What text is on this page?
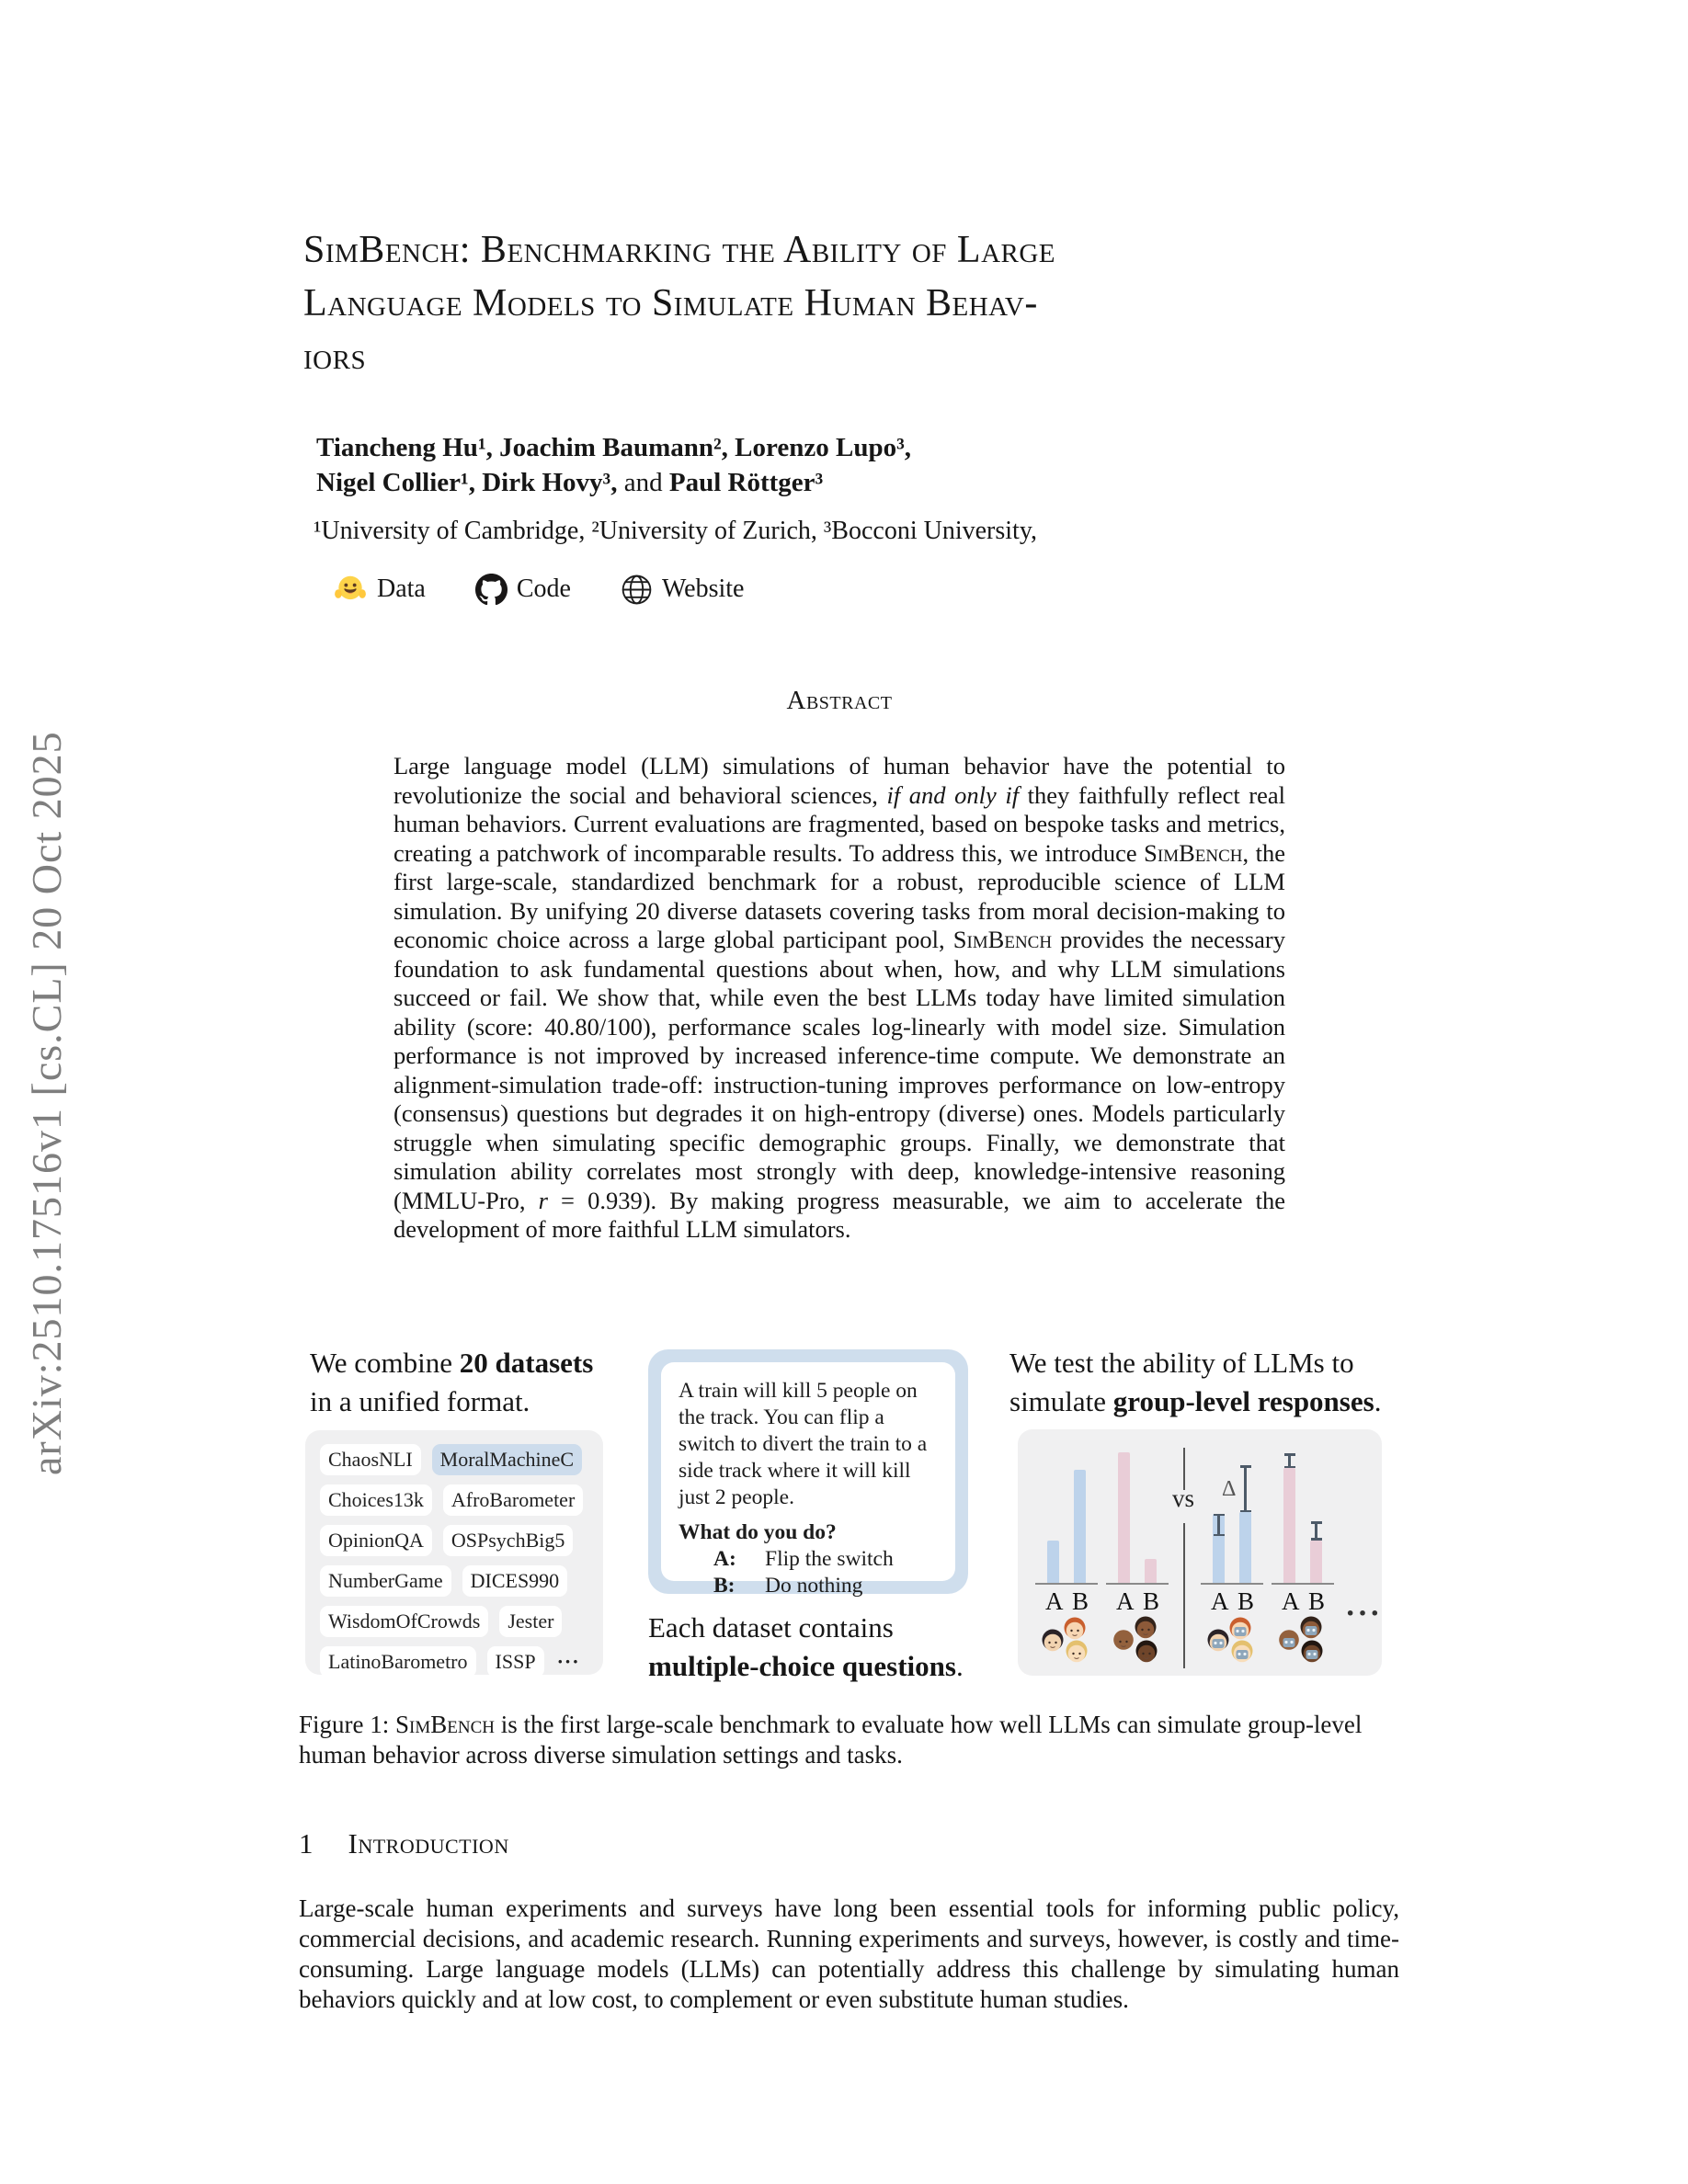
arXiv:2510.17516v1 [cs.CL] 20 Oct 2025
SimBench: Benchmarking the Ability of Large
Language Models to Simulate Human Behav-
iors
Tiancheng Hu¹, Joachim Baumann², Lorenzo Lupo³,
Nigel Collier¹, Dirk Hovy³, and Paul Röttger³
¹University of Cambridge, ²University of Zurich, ³Bocconi University,
Data	Code	Website
Abstract
Large language model (LLM) simulations of human behavior have the potential to revolutionize the social and behavioral sciences, if and only if they faithfully reflect real human behaviors. Current evaluations are fragmented, based on bespoke tasks and metrics, creating a patchwork of incomparable results. To address this, we introduce SimBench, the first large-scale, standardized benchmark for a robust, reproducible science of LLM simulation. By unifying 20 diverse datasets covering tasks from moral decision-making to economic choice across a large global participant pool, SimBench provides the necessary foundation to ask fundamental questions about when, how, and why LLM simulations succeed or fail. We show that, while even the best LLMs today have limited simulation ability (score: 40.80/100), performance scales log-linearly with model size. Simulation performance is not improved by increased inference-time compute. We demonstrate an alignment-simulation trade-off: instruction-tuning improves performance on low-entropy (consensus) questions but degrades it on high-entropy (diverse) ones. Models particularly struggle when simulating specific demographic groups. Finally, we demonstrate that simulation ability correlates most strongly with deep, knowledge-intensive reasoning (MMLU-Pro, r = 0.939). By making progress measurable, we aim to accelerate the development of more faithful LLM simulators.
We combine 20 datasets
in a unified format.
ChaosNLI	MoralMachineC
Choices13k	AfroBarometer
OpinionQA	OSPsychBig5
NumberGame	DICES990
WisdomOfCrowds	Jester
LatinoBarometro	ISSP	···
A train will kill 5 people on the track. You can flip a switch to divert the train to a side track where it will kill just 2 people.
What do you do?
A:	Flip the switch
B:	Do nothing
Each dataset contains
multiple-choice questions.
We test the ability of LLMs to
simulate group-level responses.
vs	Δ
···
A B A B A B A B
Figure 1: SimBench is the first large-scale benchmark to evaluate how well LLMs can simulate group-level human behavior across diverse simulation settings and tasks.
1 Introduction

Large-scale human experiments and surveys have long been essential tools for informing public policy, commercial decisions, and academic research. Running experiments and surveys, however, is costly and time-consuming. Large language models (LLMs) can potentially address this challenge by simulating human behaviors quickly and at low cost, to complement or even substitute human studies.
